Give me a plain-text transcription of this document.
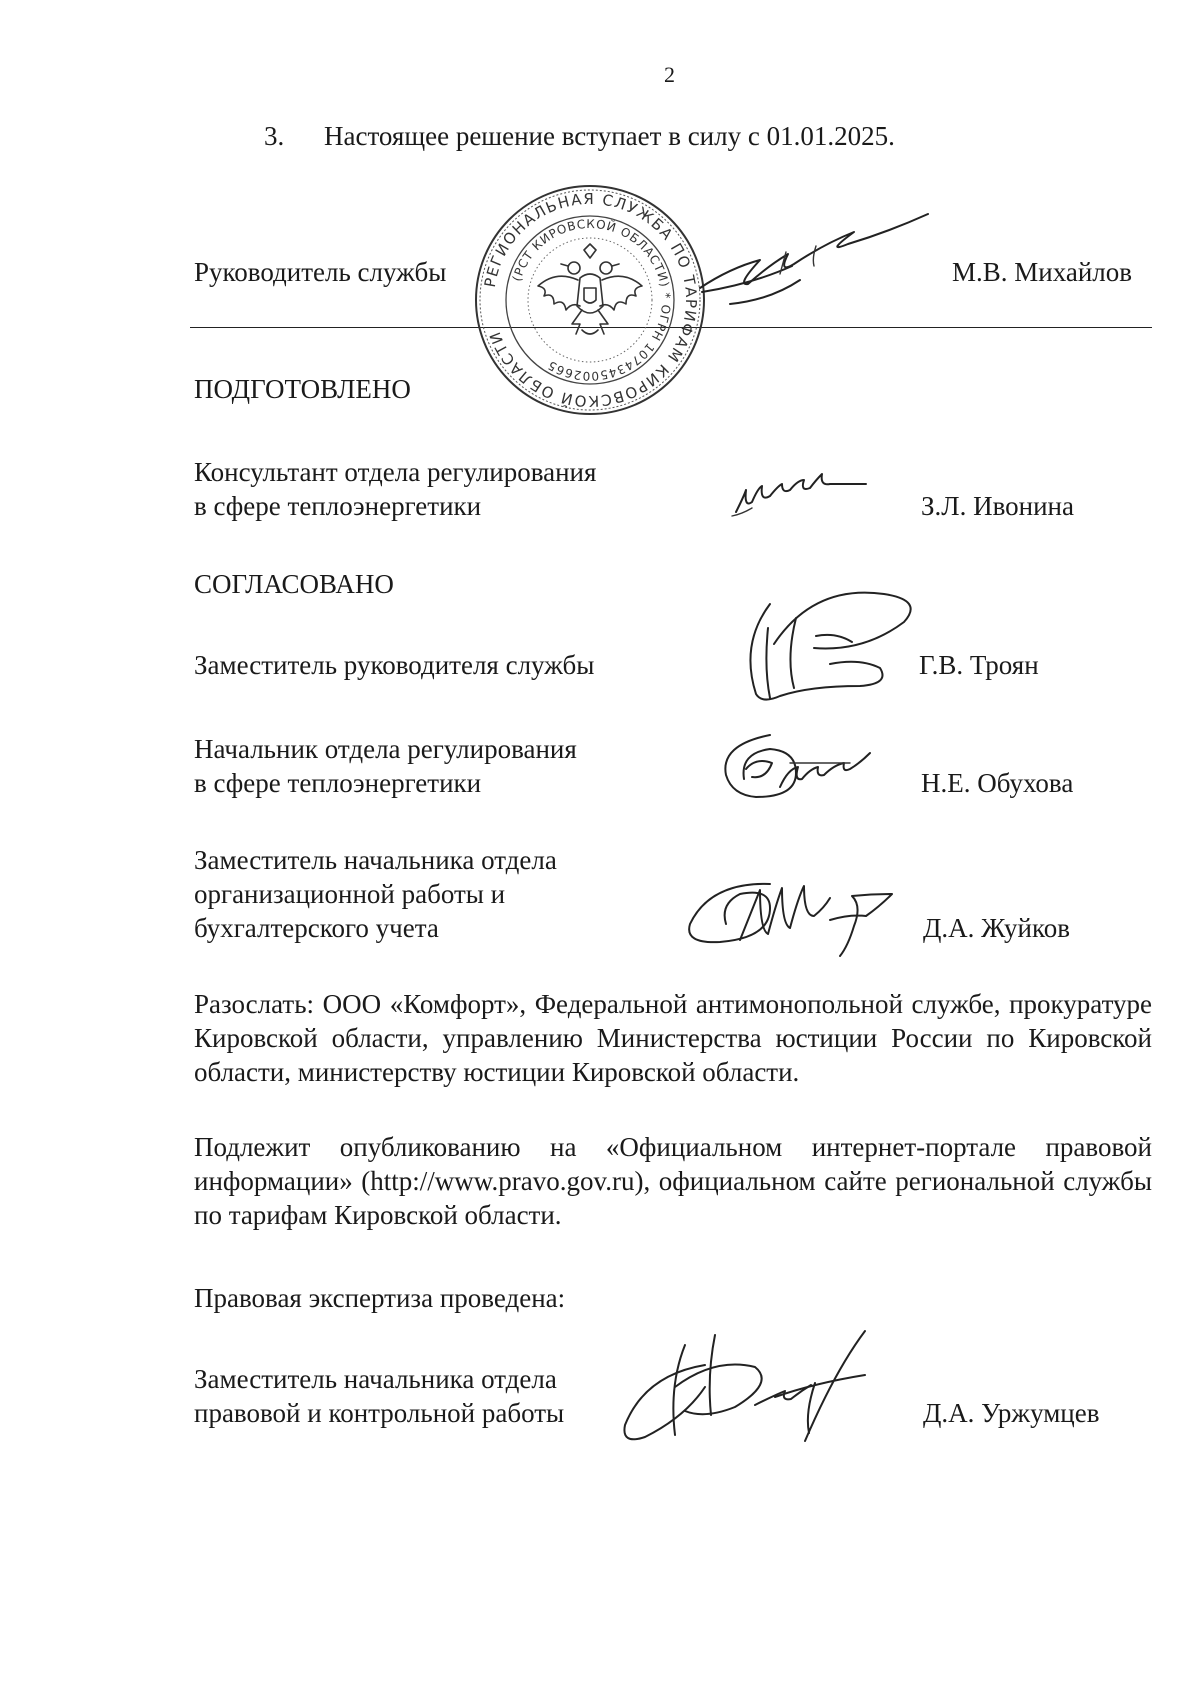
2
3. Настоящее решение вступает в силу с 01.01.2025.
Руководитель службы	М.В. Михайлов
РЕГИОНАЛЬНАЯ СЛУЖБА ПО ТАРИФАМ КИРОВСКОЙ ОБЛАСТИ
(РСТ КИРОВСКОЙ ОБЛАСТИ) * ОГРН 1074345002665
ПОДГОТОВЛЕНО
Консультант отдела регулирования
в сфере теплоэнергетики	З.Л. Ивонина
СОГЛАСОВАНО
Заместитель руководителя службы	Г.В. Троян
Начальник отдела регулирования
в сфере теплоэнергетики	Н.Е. Обухова
Заместитель начальника отдела
организационной работы и
бухгалтерского учета	Д.А. Жуйков
Разослать: ООО «Комфорт», Федеральной антимонопольной службе, прокуратуре Кировской области, управлению Министерства юстиции России по Кировской области, министерству юстиции Кировской области.
Подлежит опубликованию на «Официальном интернет-портале правовой информации» (http://www.pravo.gov.ru), официальном сайте региональной службы по тарифам Кировской области.
Правовая экспертиза проведена:
Заместитель начальника отдела
правовой и контрольной работы	Д.А. Уржумцев
